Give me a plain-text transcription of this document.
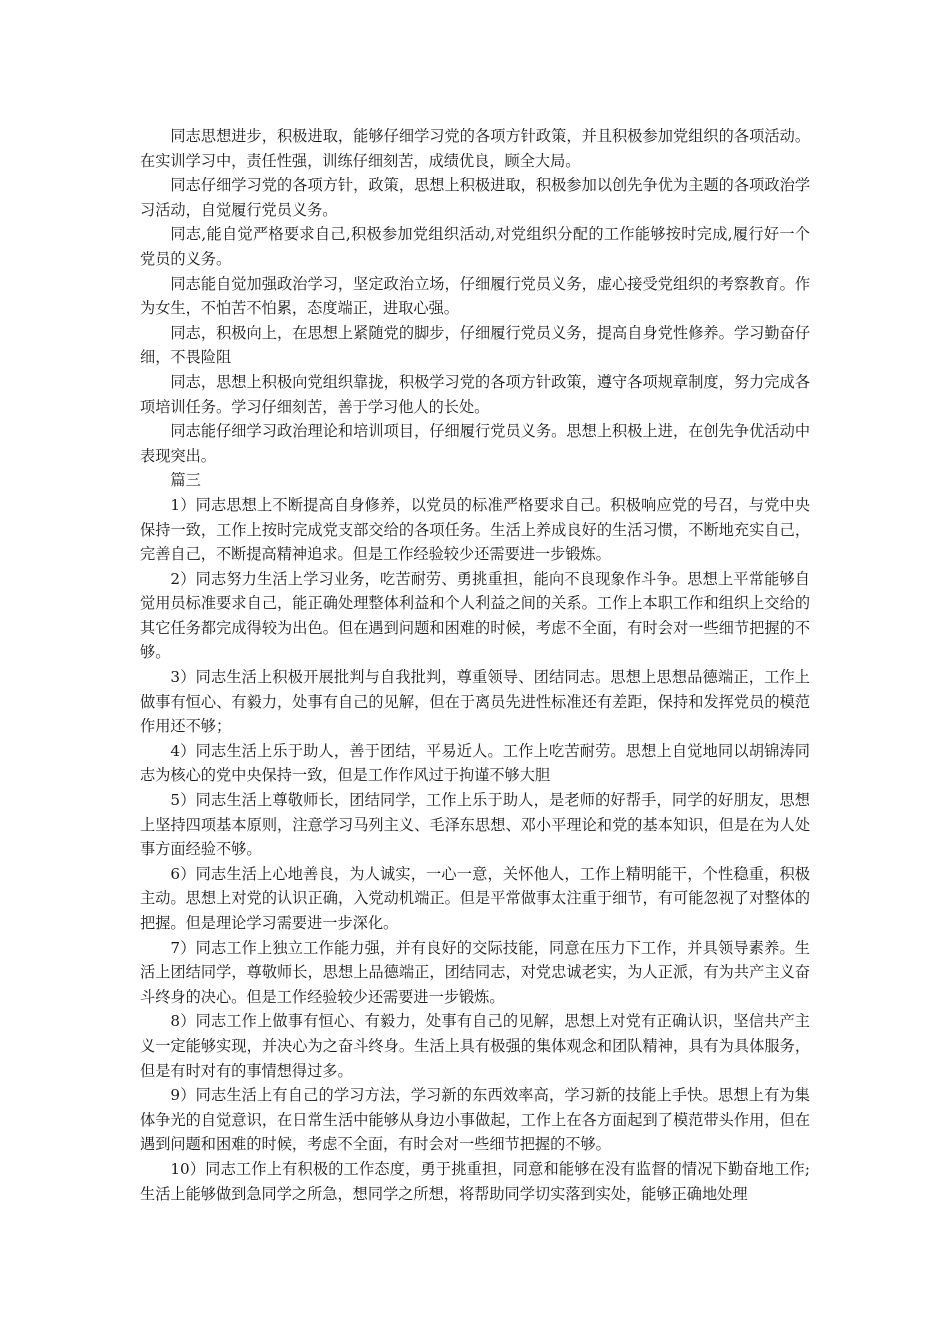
同志思想进步，积极进取，能够仔细学习党的各项方针政策，并且积极参加党组织的各项活动。在实训学习中，责任性强，训练仔细刻苦，成绩优良，顾全大局。

同志仔细学习党的各项方针，政策，思想上积极进取，积极参加以创先争优为主题的各项政治学习活动，自觉履行党员义务。

同志,能自觉严格要求自己,积极参加党组织活动,对党组织分配的工作能够按时完成,履行好一个党员的义务。

同志能自觉加强政治学习，坚定政治立场，仔细履行党员义务，虚心接受党组织的考察教育。作为女生，不怕苦不怕累，态度端正，进取心强。

同志，积极向上，在思想上紧随党的脚步，仔细履行党员义务，提高自身党性修养。学习勤奋仔细，不畏险阻

同志，思想上积极向党组织靠拢，积极学习党的各项方针政策，遵守各项规章制度，努力完成各项培训任务。学习仔细刻苦，善于学习他人的长处。

同志能仔细学习政治理论和培训项目，仔细履行党员义务。思想上积极上进，在创先争优活动中表现突出。

篇三

1）同志思想上不断提高自身修养，以党员的标准严格要求自己。积极响应党的号召，与党中央保持一致，工作上按时完成党支部交给的各项任务。生活上养成良好的生活习惯，不断地充实自己，完善自己，不断提高精神追求。但是工作经验较少还需要进一步锻炼。

2）同志努力生活上学习业务，吃苦耐劳、勇挑重担，能向不良现象作斗争。思想上平常能够自觉用员标准要求自己，能正确处理整体利益和个人利益之间的关系。工作上本职工作和组织上交给的其它任务都完成得较为出色。但在遇到问题和困难的时候，考虑不全面，有时会对一些细节把握的不够。

3）同志生活上积极开展批判与自我批判，尊重领导、团结同志。思想上思想品德端正，工作上做事有恒心、有毅力，处事有自己的见解，但在于离员先进性标准还有差距，保持和发挥党员的模范作用还不够；

4）同志生活上乐于助人，善于团结，平易近人。工作上吃苦耐劳。思想上自觉地同以胡锦涛同志为核心的党中央保持一致，但是工作作风过于拘谨不够大胆

5）同志生活上尊敬师长，团结同学，工作上乐于助人，是老师的好帮手，同学的好朋友，思想上坚持四项基本原则，注意学习马列主义、毛泽东思想、邓小平理论和党的基本知识，但是在为人处事方面经验不够。

6）同志生活上心地善良，为人诚实，一心一意，关怀他人，工作上精明能干，个性稳重，积极主动。思想上对党的认识正确，入党动机端正。但是平常做事太注重于细节，有可能忽视了对整体的把握。但是理论学习需要进一步深化。

7）同志工作上独立工作能力强，并有良好的交际技能，同意在压力下工作，并具领导素养。生活上团结同学，尊敬师长，思想上品德端正，团结同志，对党忠诚老实，为人正派，有为共产主义奋斗终身的决心。但是工作经验较少还需要进一步锻炼。

8）同志工作上做事有恒心、有毅力，处事有自己的见解，思想上对党有正确认识，坚信共产主义一定能够实现，并决心为之奋斗终身。生活上具有极强的集体观念和团队精神，具有为具体服务，但是有时对有的事情想得过多。

9）同志生活上有自己的学习方法，学习新的东西效率高，学习新的技能上手快。思想上有为集体争光的自觉意识，在日常生活中能够从身边小事做起，工作上在各方面起到了模范带头作用，但在遇到问题和困难的时候，考虑不全面，有时会对一些细节把握的不够。

10）同志工作上有积极的工作态度，勇于挑重担，同意和能够在没有监督的情况下勤奋地工作;生活上能够做到急同学之所急，想同学之所想，将帮助同学切实落到实处，能够正确地处理
